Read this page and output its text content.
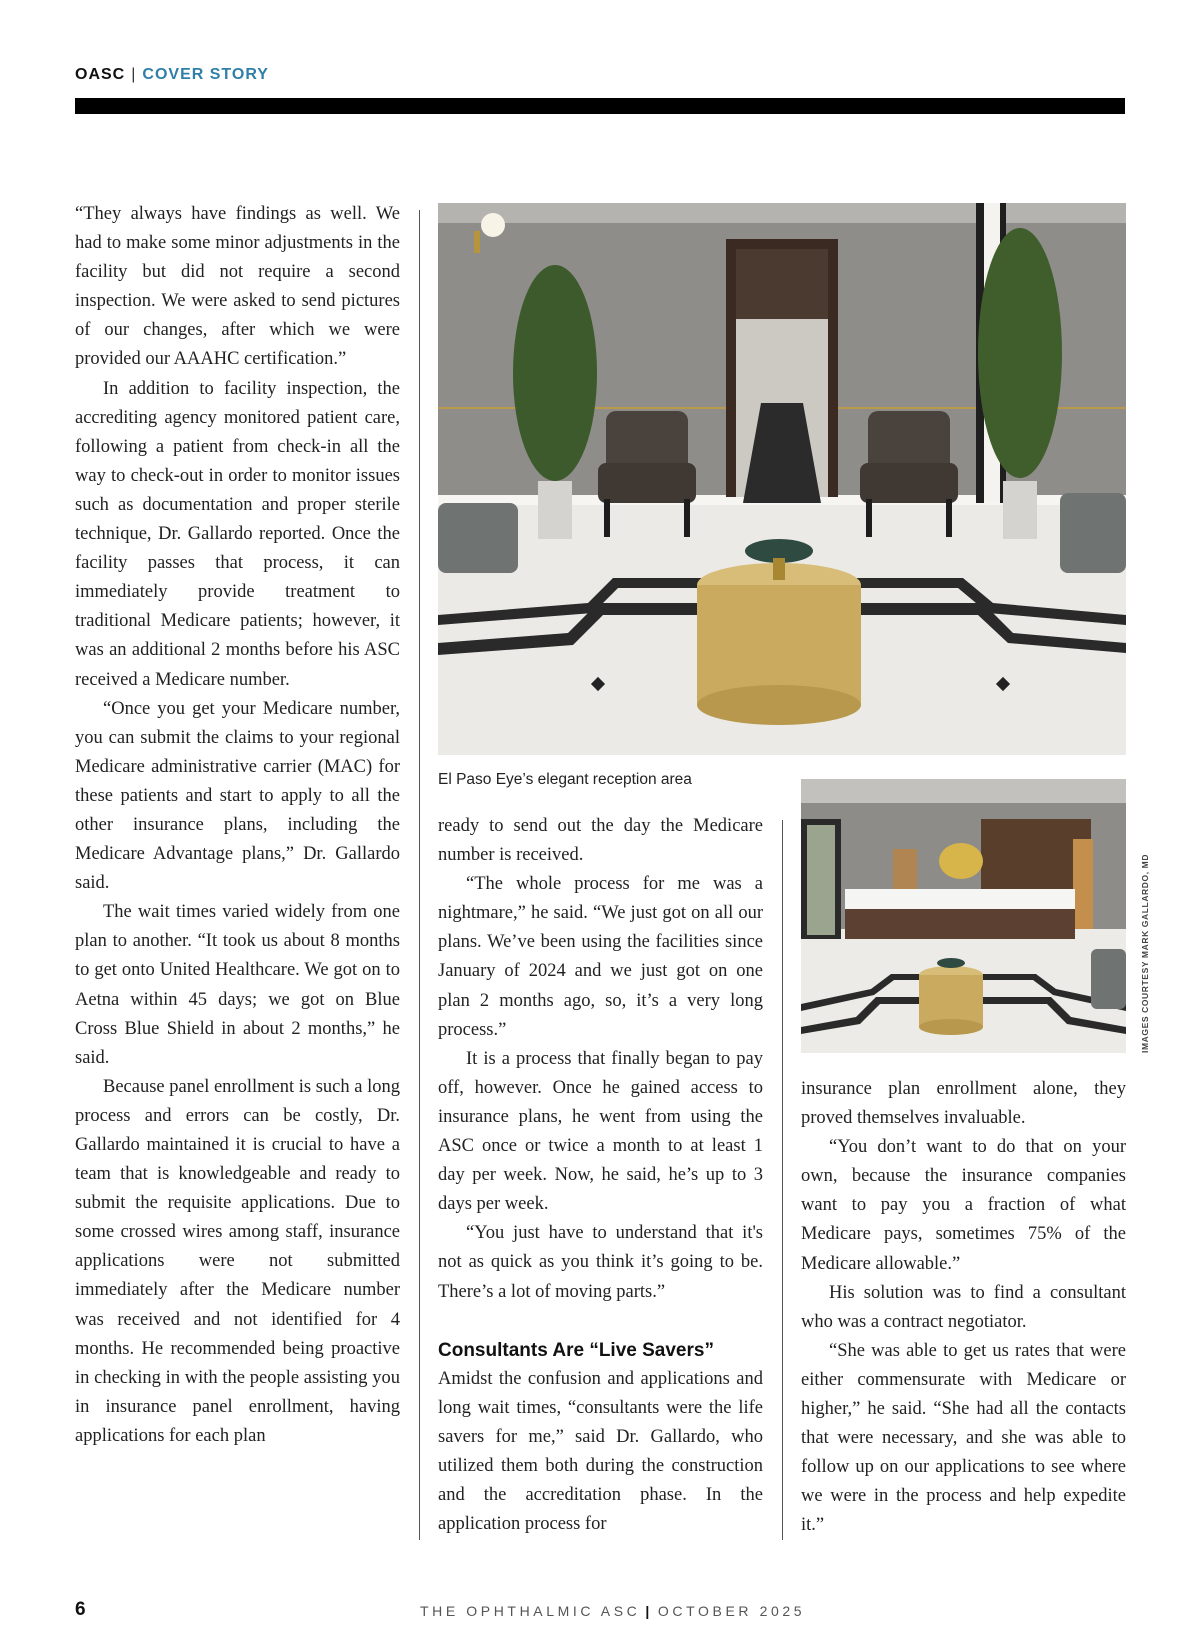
OASC | COVER STORY

“They always have findings as well. We had to make some minor adjustments in the facility but did not require a second inspection. We were asked to send pictures of our changes, after which we were provided our AAAHC certification.”

In addition to facility inspection, the accrediting agency monitored patient care, following a patient from check-in all the way to check-out in order to monitor issues such as documentation and proper sterile technique, Dr. Gallardo reported. Once the facility passes that process, it can immediately provide treatment to traditional Medicare patients; however, it was an additional 2 months before his ASC received a Medicare number.

“Once you get your Medicare number, you can submit the claims to your regional Medicare administrative carrier (MAC) for these patients and start to apply to all the other insurance plans, including the Medicare Advantage plans,” Dr. Gallardo said.

The wait times varied widely from one plan to another. “It took us about 8 months to get onto United Healthcare. We got on to Aetna within 45 days; we got on Blue Cross Blue Shield in about 2 months,” he said.

Because panel enrollment is such a long process and errors can be costly, Dr. Gallardo maintained it is crucial to have a team that is knowledgeable and ready to submit the requisite applications. Due to some crossed wires among staff, insurance applications were not submitted immediately after the Medicare number was received and not identified for 4 months. He recommended being proactive in checking in with the people assisting you in insurance panel enrollment, having applications for each plan

El Paso Eye’s elegant reception area

ready to send out the day the Medicare number is received.

“The whole process for me was a nightmare,” he said. “We just got on all our plans. We’ve been using the facilities since January of 2024 and we just got on one plan 2 months ago, so, it’s a very long process.”

It is a process that finally began to pay off, however. Once he gained access to insurance plans, he went from using the ASC once or twice a month to at least 1 day per week. Now, he said, he’s up to 3 days per week.

“You just have to understand that it's not as quick as you think it’s going to be. There’s a lot of moving parts.”

Consultants Are “Live Savers”

Amidst the confusion and applications and long wait times, “consultants were the life savers for me,” said Dr. Gallardo, who utilized them both during the construction and the accreditation phase. In the application process for

IMAGES COURTESY MARK GALLARDO, MD

insurance plan enrollment alone, they proved themselves invaluable.

“You don’t want to do that on your own, because the insurance companies want to pay you a fraction of what Medicare pays, sometimes 75% of the Medicare allowable.”

His solution was to find a consultant who was a contract negotiator.

“She was able to get us rates that were either commensurate with Medicare or higher,” he said. “She had all the contacts that were necessary, and she was able to follow up on our applications to see where we were in the process and help expedite it.”

6	THE OPHTHALMIC ASC | OCTOBER 2025
